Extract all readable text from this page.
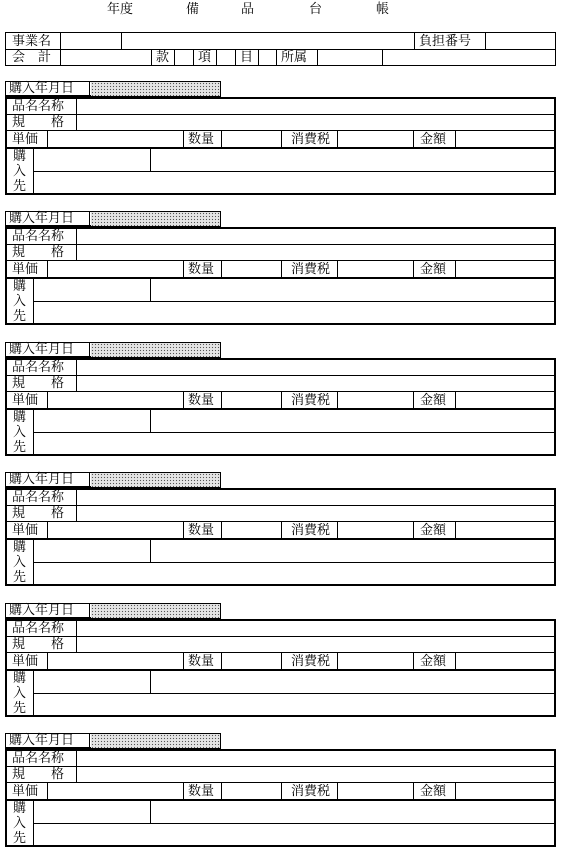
年度	備	品	台	帳
事業名	負担番号
会　計	款 項 目 所属
購入年月日
品名名称
規　　格
単価	数量	消費税	金額
購
入
先
購入年月日
品名名称
規　　格
単価	数量	消費税	金額
購
入
先
購入年月日
品名名称
規　　格
単価	数量	消費税	金額
購
入
先
購入年月日
品名名称
規　　格
単価	数量	消費税	金額
購
入
先
購入年月日
品名名称
規　　格
単価	数量	消費税	金額
購
入
先
購入年月日
品名名称
規　　格
単価	数量	消費税	金額
購
入
先
